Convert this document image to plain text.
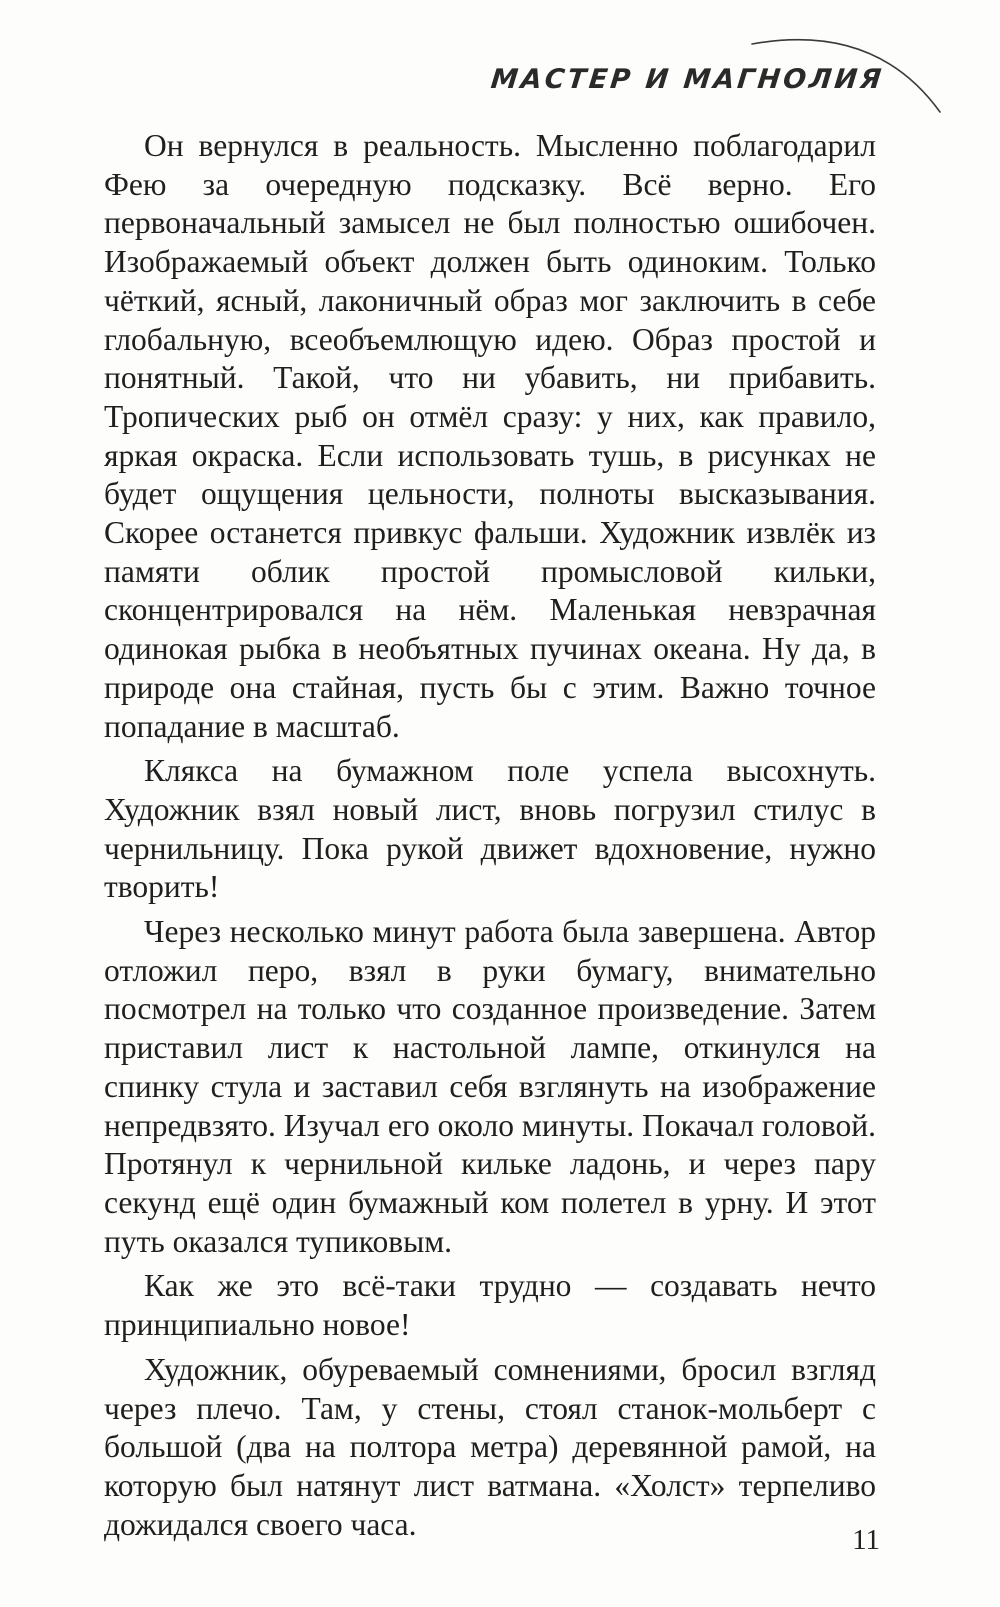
МАСТЕР И МАГНОЛИЯ

Он вернулся в реальность. Мысленно поблагодарил Фею за очередную подсказку. Всё верно. Его первоначальный замысел не был полностью ошибочен. Изображаемый объект должен быть одиноким. Только чёткий, ясный, лаконичный образ мог заключить в себе глобальную, всеобъемлющую идею. Образ простой и понятный. Такой, что ни убавить, ни прибавить. Тропических рыб он отмёл сразу: у них, как правило, яркая окраска. Если использовать тушь, в рисунках не будет ощущения цельности, полноты высказывания. Скорее останется привкус фальши. Художник извлёк из памяти облик простой промысловой кильки, сконцентрировался на нём. Маленькая невзрачная одинокая рыбка в необъятных пучинах океана. Ну да, в природе она стайная, пусть бы с этим. Важно точное попадание в масштаб.

Клякса на бумажном поле успела высохнуть. Художник взял новый лист, вновь погрузил стилус в чернильницу. Пока рукой движет вдохновение, нужно творить!

Через несколько минут работа была завершена. Автор отложил перо, взял в руки бумагу, внимательно посмотрел на только что созданное произведение. Затем приставил лист к настольной лампе, откинулся на спинку стула и заставил себя взглянуть на изображение непредвзято. Изучал его около минуты. Покачал головой. Протянул к чернильной кильке ладонь, и через пару секунд ещё один бумажный ком полетел в урну. И этот путь оказался тупиковым.

Как же это всё-таки трудно — создавать нечто принципиально новое!

Художник, обуреваемый сомнениями, бросил взгляд через плечо. Там, у стены, стоял станок-мольберт с большой (два на полтора метра) деревянной рамой, на которую был натянут лист ватмана. «Холст» терпеливо дожидался своего часа.	11
